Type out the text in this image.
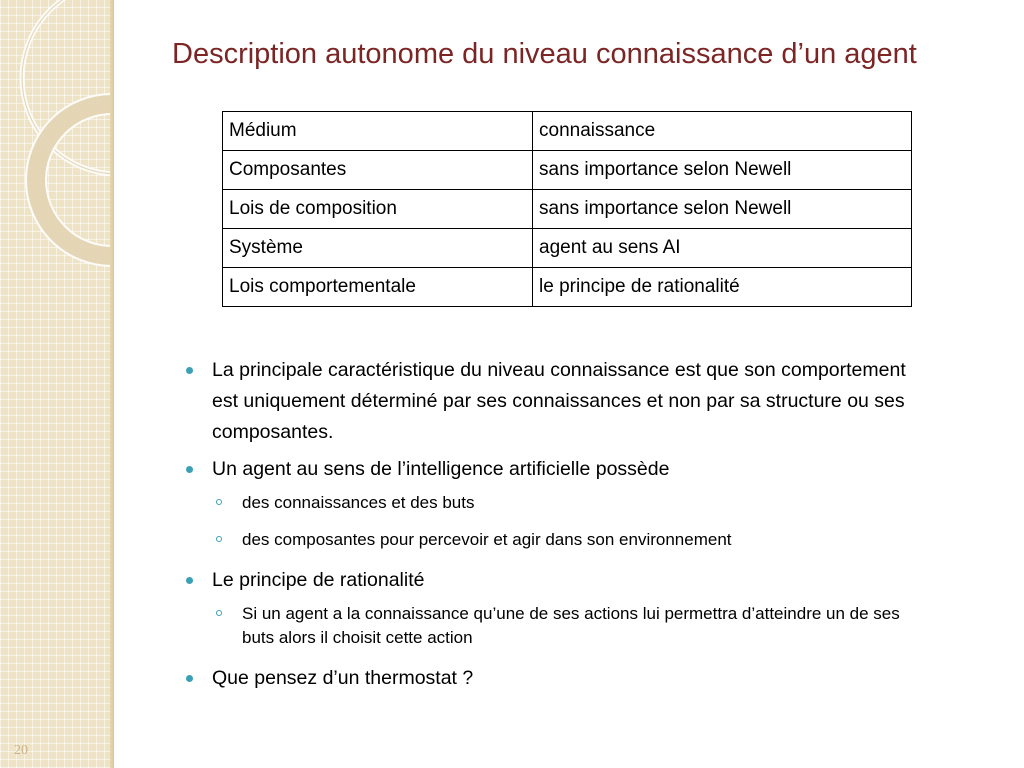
20
Description autonome du niveau connaissance d’un agent
Médium	connaissance
Composantes	sans importance selon Newell
Lois de composition	sans importance selon Newell
Système	agent au sens AI
Lois comportementale	le principe de rationalité
La principale caractéristique du niveau connaissance est que son comportement est uniquement déterminé par ses connaissances et non par sa structure ou ses composantes.
Un agent au sens de l’intelligence artificielle possède
des connaissances et des buts
des composantes pour percevoir et agir dans son environnement
Le principe de rationalité
Si un agent a la connaissance qu’une de ses actions lui permettra d’atteindre un de ses buts alors il choisit cette action
Que pensez d’un thermostat ?
